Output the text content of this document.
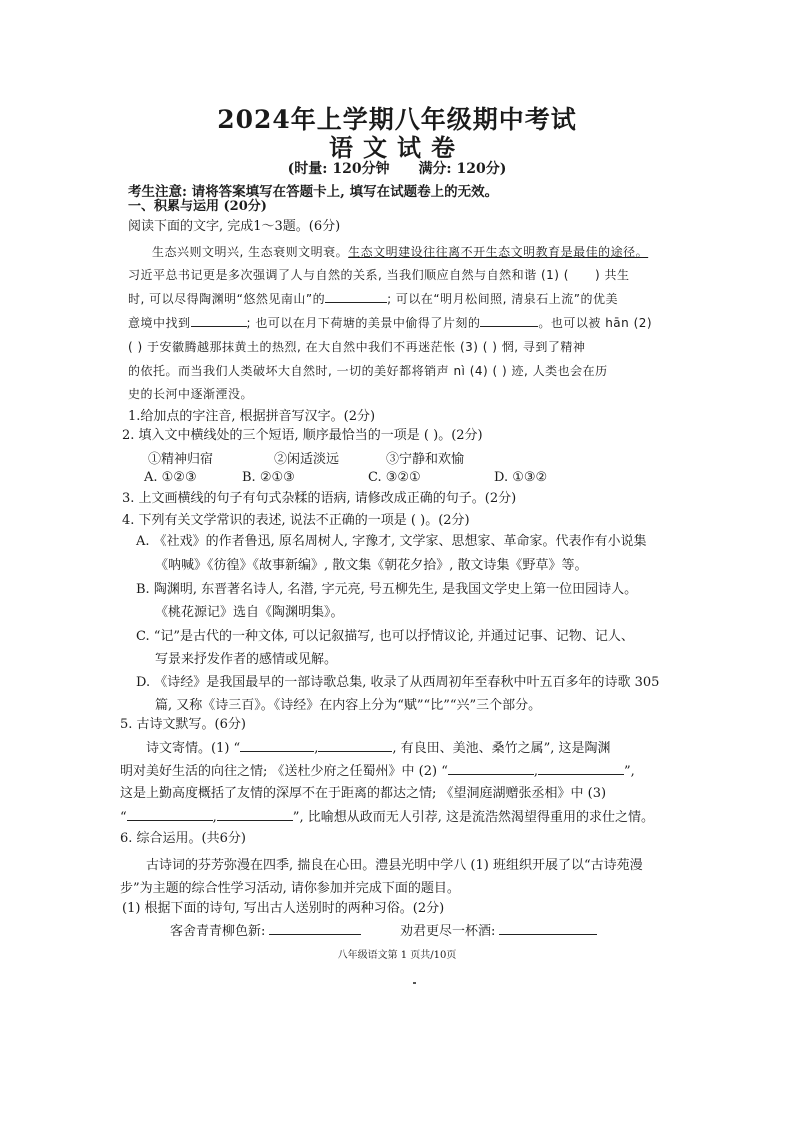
2024年上学期八年级期中考试
语文试卷
(时量: 120分钟 满分: 120分)
考生注意: 请将答案填写在答题卡上, 填写在试题卷上的无效。
一、积累与运用 (20分)
阅读下面的文字, 完成1～3题。(6分)
生态兴则文明兴, 生态衰则文明衰。生态文明建设往往离不开生态文明教育是最佳的途径。
习近平总书记更是多次强调了人与自然的关系, 当我们顺应自然与自然和谐 (1) ( ) 共生
时, 可以尽得陶渊明“悠然见南山”的	; 可以在“明月松间照, 清泉石上流”的优美
意境中找到	; 也可以在月下荷塘的美景中偷得了片刻的	。也可以被 hān (2)
( ) 于安徽腾越那抹黄土的热烈, 在大自然中我们不再迷茫怅 (3) ( ) 惘, 寻到了精神
的依托。而当我们人类破坏大自然时, 一切的美好都将销声 nì (4) ( ) 迹, 人类也会在历
史的长河中逐渐湮没。
1.给加点的字注音, 根据拼音写汉字。(2分)
2. 填入文中横线处的三个短语, 顺序最恰当的一项是 ( )。(2分)
①精神归宿	②闲适淡远	③宁静和欢愉
A. ①②③	B. ②①③	C. ③②①	D. ①③②
3. 上文画横线的句子有句式杂糅的语病, 请修改成正确的句子。(2分)
4. 下列有关文学常识的表述, 说法不正确的一项是 ( )。(2分)
A. 《社戏》的作者鲁迅, 原名周树人, 字豫才, 文学家、思想家、革命家。代表作有小说集
《呐喊》《彷徨》《故事新编》, 散文集《朝花夕拾》, 散文诗集《野草》等。
B. 陶渊明, 东晋著名诗人, 名潜, 字元亮, 号五柳先生, 是我国文学史上第一位田园诗人。
《桃花源记》选自《陶渊明集》。
C. “记”是古代的一种文体, 可以记叙描写, 也可以抒情议论, 并通过记事、记物、记人、
写景来抒发作者的感情或见解。
D. 《诗经》是我国最早的一部诗歌总集, 收录了从西周初年至春秋中叶五百多年的诗歌 305
篇, 又称《诗三百》。《诗经》在内容上分为“赋”“比”“兴”三个部分。
5. 古诗文默写。(6分)
诗文寄情。(1) “	,	, 有良田、美池、桑竹之属”, 这是陶渊
明对美好生活的向往之情; 《送杜少府之任蜀州》中 (2) “	,	”,
这是上勤高度概括了友情的深厚不在于距离的都达之情; 《望洞庭湖赠张丞相》中 (3)
“	,	”, 比喻想从政而无人引荐, 这是流浩然渴望得重用的求仕之情。
6. 综合运用。(共6分)
古诗词的芬芳弥漫在四季, 揣良在心田。澧县光明中学八 (1) 班组织开展了以“古诗苑漫
步”为主题的综合性学习活动, 请你参加并完成下面的题目。
(1) 根据下面的诗句, 写出古人送别时的两种习俗。(2分)
客舍青青柳色新:	劝君更尽一杯酒:
八年级语文第 1 页共/10页
